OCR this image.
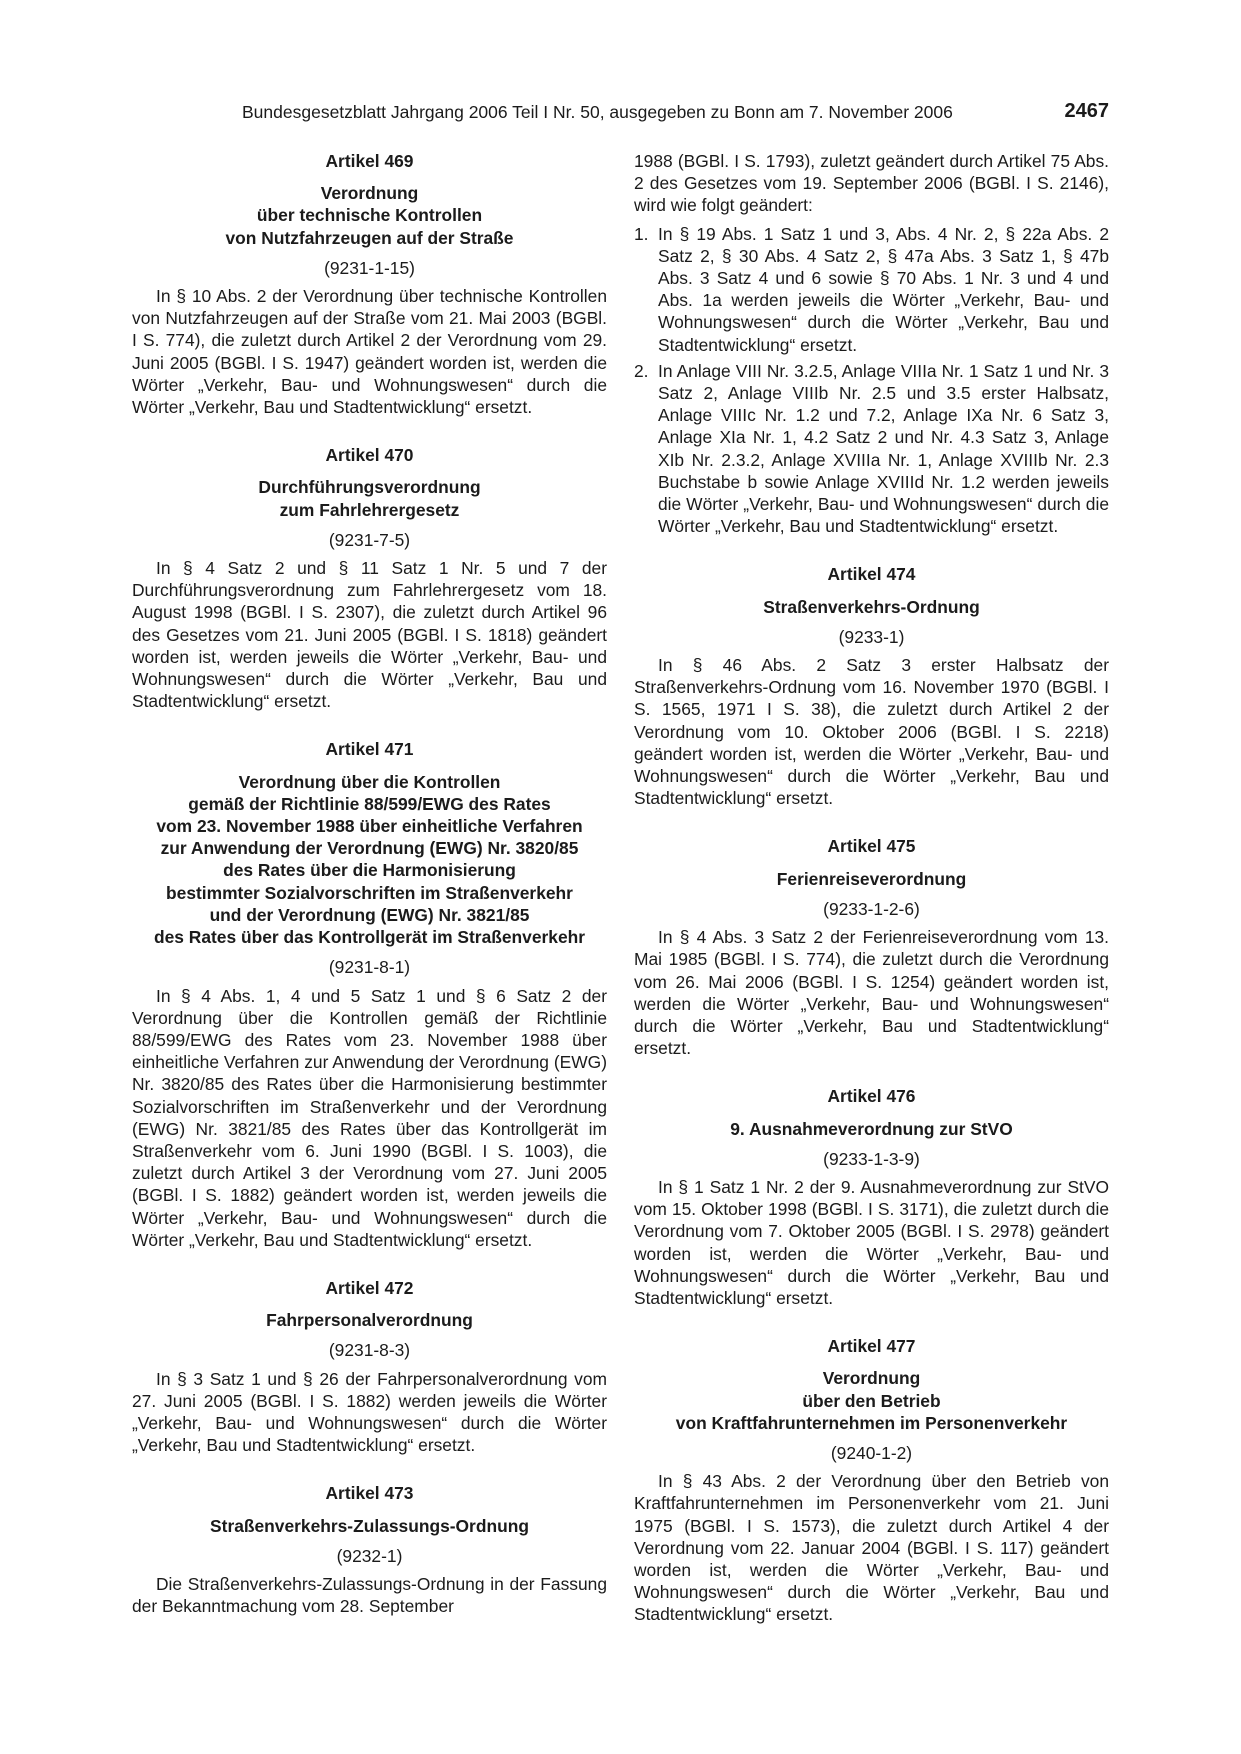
Bundesgesetzblatt Jahrgang 2006 Teil I Nr. 50, ausgegeben zu Bonn am 7. November 2006	2467
Artikel 469
Verordnung
über technische Kontrollen
von Nutzfahrzeugen auf der Straße
(9231-1-15)

In § 10 Abs. 2 der Verordnung über technische Kontrollen von Nutzfahrzeugen auf der Straße vom 21. Mai 2003 (BGBl. I S. 774), die zuletzt durch Artikel 2 der Verordnung vom 29. Juni 2005 (BGBl. I S. 1947) geändert worden ist, werden die Wörter „Verkehr, Bau- und Wohnungswesen“ durch die Wörter „Verkehr, Bau und Stadtentwicklung“ ersetzt.

Artikel 470
Durchführungsverordnung
zum Fahrlehrergesetz
(9231-7-5)

In § 4 Satz 2 und § 11 Satz 1 Nr. 5 und 7 der Durchführungsverordnung zum Fahrlehrergesetz vom 18. August 1998 (BGBl. I S. 2307), die zuletzt durch Artikel 96 des Gesetzes vom 21. Juni 2005 (BGBl. I S. 1818) geändert worden ist, werden jeweils die Wörter „Verkehr, Bau- und Wohnungswesen“ durch die Wörter „Verkehr, Bau und Stadtentwicklung“ ersetzt.

Artikel 471
Verordnung über die Kontrollen
gemäß der Richtlinie 88/599/EWG des Rates
vom 23. November 1988 über einheitliche Verfahren
zur Anwendung der Verordnung (EWG) Nr. 3820/85
des Rates über die Harmonisierung
bestimmter Sozialvorschriften im Straßenverkehr
und der Verordnung (EWG) Nr. 3821/85
des Rates über das Kontrollgerät im Straßenverkehr
(9231-8-1)

In § 4 Abs. 1, 4 und 5 Satz 1 und § 6 Satz 2 der Verordnung über die Kontrollen gemäß der Richtlinie 88/599/EWG des Rates vom 23. November 1988 über einheitliche Verfahren zur Anwendung der Verordnung (EWG) Nr. 3820/85 des Rates über die Harmonisierung bestimmter Sozialvorschriften im Straßenverkehr und der Verordnung (EWG) Nr. 3821/85 des Rates über das Kontrollgerät im Straßenverkehr vom 6. Juni 1990 (BGBl. I S. 1003), die zuletzt durch Artikel 3 der Verordnung vom 27. Juni 2005 (BGBl. I S. 1882) geändert worden ist, werden jeweils die Wörter „Verkehr, Bau- und Wohnungswesen“ durch die Wörter „Verkehr, Bau und Stadtentwicklung“ ersetzt.

Artikel 472
Fahrpersonalverordnung
(9231-8-3)

In § 3 Satz 1 und § 26 der Fahrpersonalverordnung vom 27. Juni 2005 (BGBl. I S. 1882) werden jeweils die Wörter „Verkehr, Bau- und Wohnungswesen“ durch die Wörter „Verkehr, Bau und Stadtentwicklung“ ersetzt.

Artikel 473
Straßenverkehrs-Zulassungs-Ordnung
(9232-1)

Die Straßenverkehrs-Zulassungs-Ordnung in der Fassung der Bekanntmachung vom 28. September

1988 (BGBl. I S. 1793), zuletzt geändert durch Artikel 75 Abs. 2 des Gesetzes vom 19. September 2006 (BGBl. I S. 2146), wird wie folgt geändert:

1. In § 19 Abs. 1 Satz 1 und 3, Abs. 4 Nr. 2, § 22a Abs. 2 Satz 2, § 30 Abs. 4 Satz 2, § 47a Abs. 3 Satz 1, § 47b Abs. 3 Satz 4 und 6 sowie § 70 Abs. 1 Nr. 3 und 4 und Abs. 1a werden jeweils die Wörter „Verkehr, Bau- und Wohnungswesen“ durch die Wörter „Verkehr, Bau und Stadtentwicklung“ ersetzt.
2. In Anlage VIII Nr. 3.2.5, Anlage VIIIa Nr. 1 Satz 1 und Nr. 3 Satz 2, Anlage VIIIb Nr. 2.5 und 3.5 erster Halbsatz, Anlage VIIIc Nr. 1.2 und 7.2, Anlage IXa Nr. 6 Satz 3, Anlage XIa Nr. 1, 4.2 Satz 2 und Nr. 4.3 Satz 3, Anlage XIb Nr. 2.3.2, Anlage XVIIIa Nr. 1, Anlage XVIIIb Nr. 2.3 Buchstabe b sowie Anlage XVIIId Nr. 1.2 werden jeweils die Wörter „Verkehr, Bau- und Wohnungswesen“ durch die Wörter „Verkehr, Bau und Stadtentwicklung“ ersetzt.
Artikel 474
Straßenverkehrs-Ordnung
(9233-1)

In § 46 Abs. 2 Satz 3 erster Halbsatz der Straßenverkehrs-Ordnung vom 16. November 1970 (BGBl. I S. 1565, 1971 I S. 38), die zuletzt durch Artikel 2 der Verordnung vom 10. Oktober 2006 (BGBl. I S. 2218) geändert worden ist, werden die Wörter „Verkehr, Bau- und Wohnungswesen“ durch die Wörter „Verkehr, Bau und Stadtentwicklung“ ersetzt.

Artikel 475
Ferienreiseverordnung
(9233-1-2-6)

In § 4 Abs. 3 Satz 2 der Ferienreiseverordnung vom 13. Mai 1985 (BGBl. I S. 774), die zuletzt durch die Verordnung vom 26. Mai 2006 (BGBl. I S. 1254) geändert worden ist, werden die Wörter „Verkehr, Bau- und Wohnungswesen“ durch die Wörter „Verkehr, Bau und Stadtentwicklung“ ersetzt.

Artikel 476
9. Ausnahmeverordnung zur StVO
(9233-1-3-9)

In § 1 Satz 1 Nr. 2 der 9. Ausnahmeverordnung zur StVO vom 15. Oktober 1998 (BGBl. I S. 3171), die zuletzt durch die Verordnung vom 7. Oktober 2005 (BGBl. I S. 2978) geändert worden ist, werden die Wörter „Verkehr, Bau- und Wohnungswesen“ durch die Wörter „Verkehr, Bau und Stadtentwicklung“ ersetzt.

Artikel 477
Verordnung
über den Betrieb
von Kraftfahrunternehmen im Personenverkehr
(9240-1-2)

In § 43 Abs. 2 der Verordnung über den Betrieb von Kraftfahrunternehmen im Personenverkehr vom 21. Juni 1975 (BGBl. I S. 1573), die zuletzt durch Artikel 4 der Verordnung vom 22. Januar 2004 (BGBl. I S. 117) geändert worden ist, werden die Wörter „Verkehr, Bau- und Wohnungswesen“ durch die Wörter „Verkehr, Bau und Stadtentwicklung“ ersetzt.
